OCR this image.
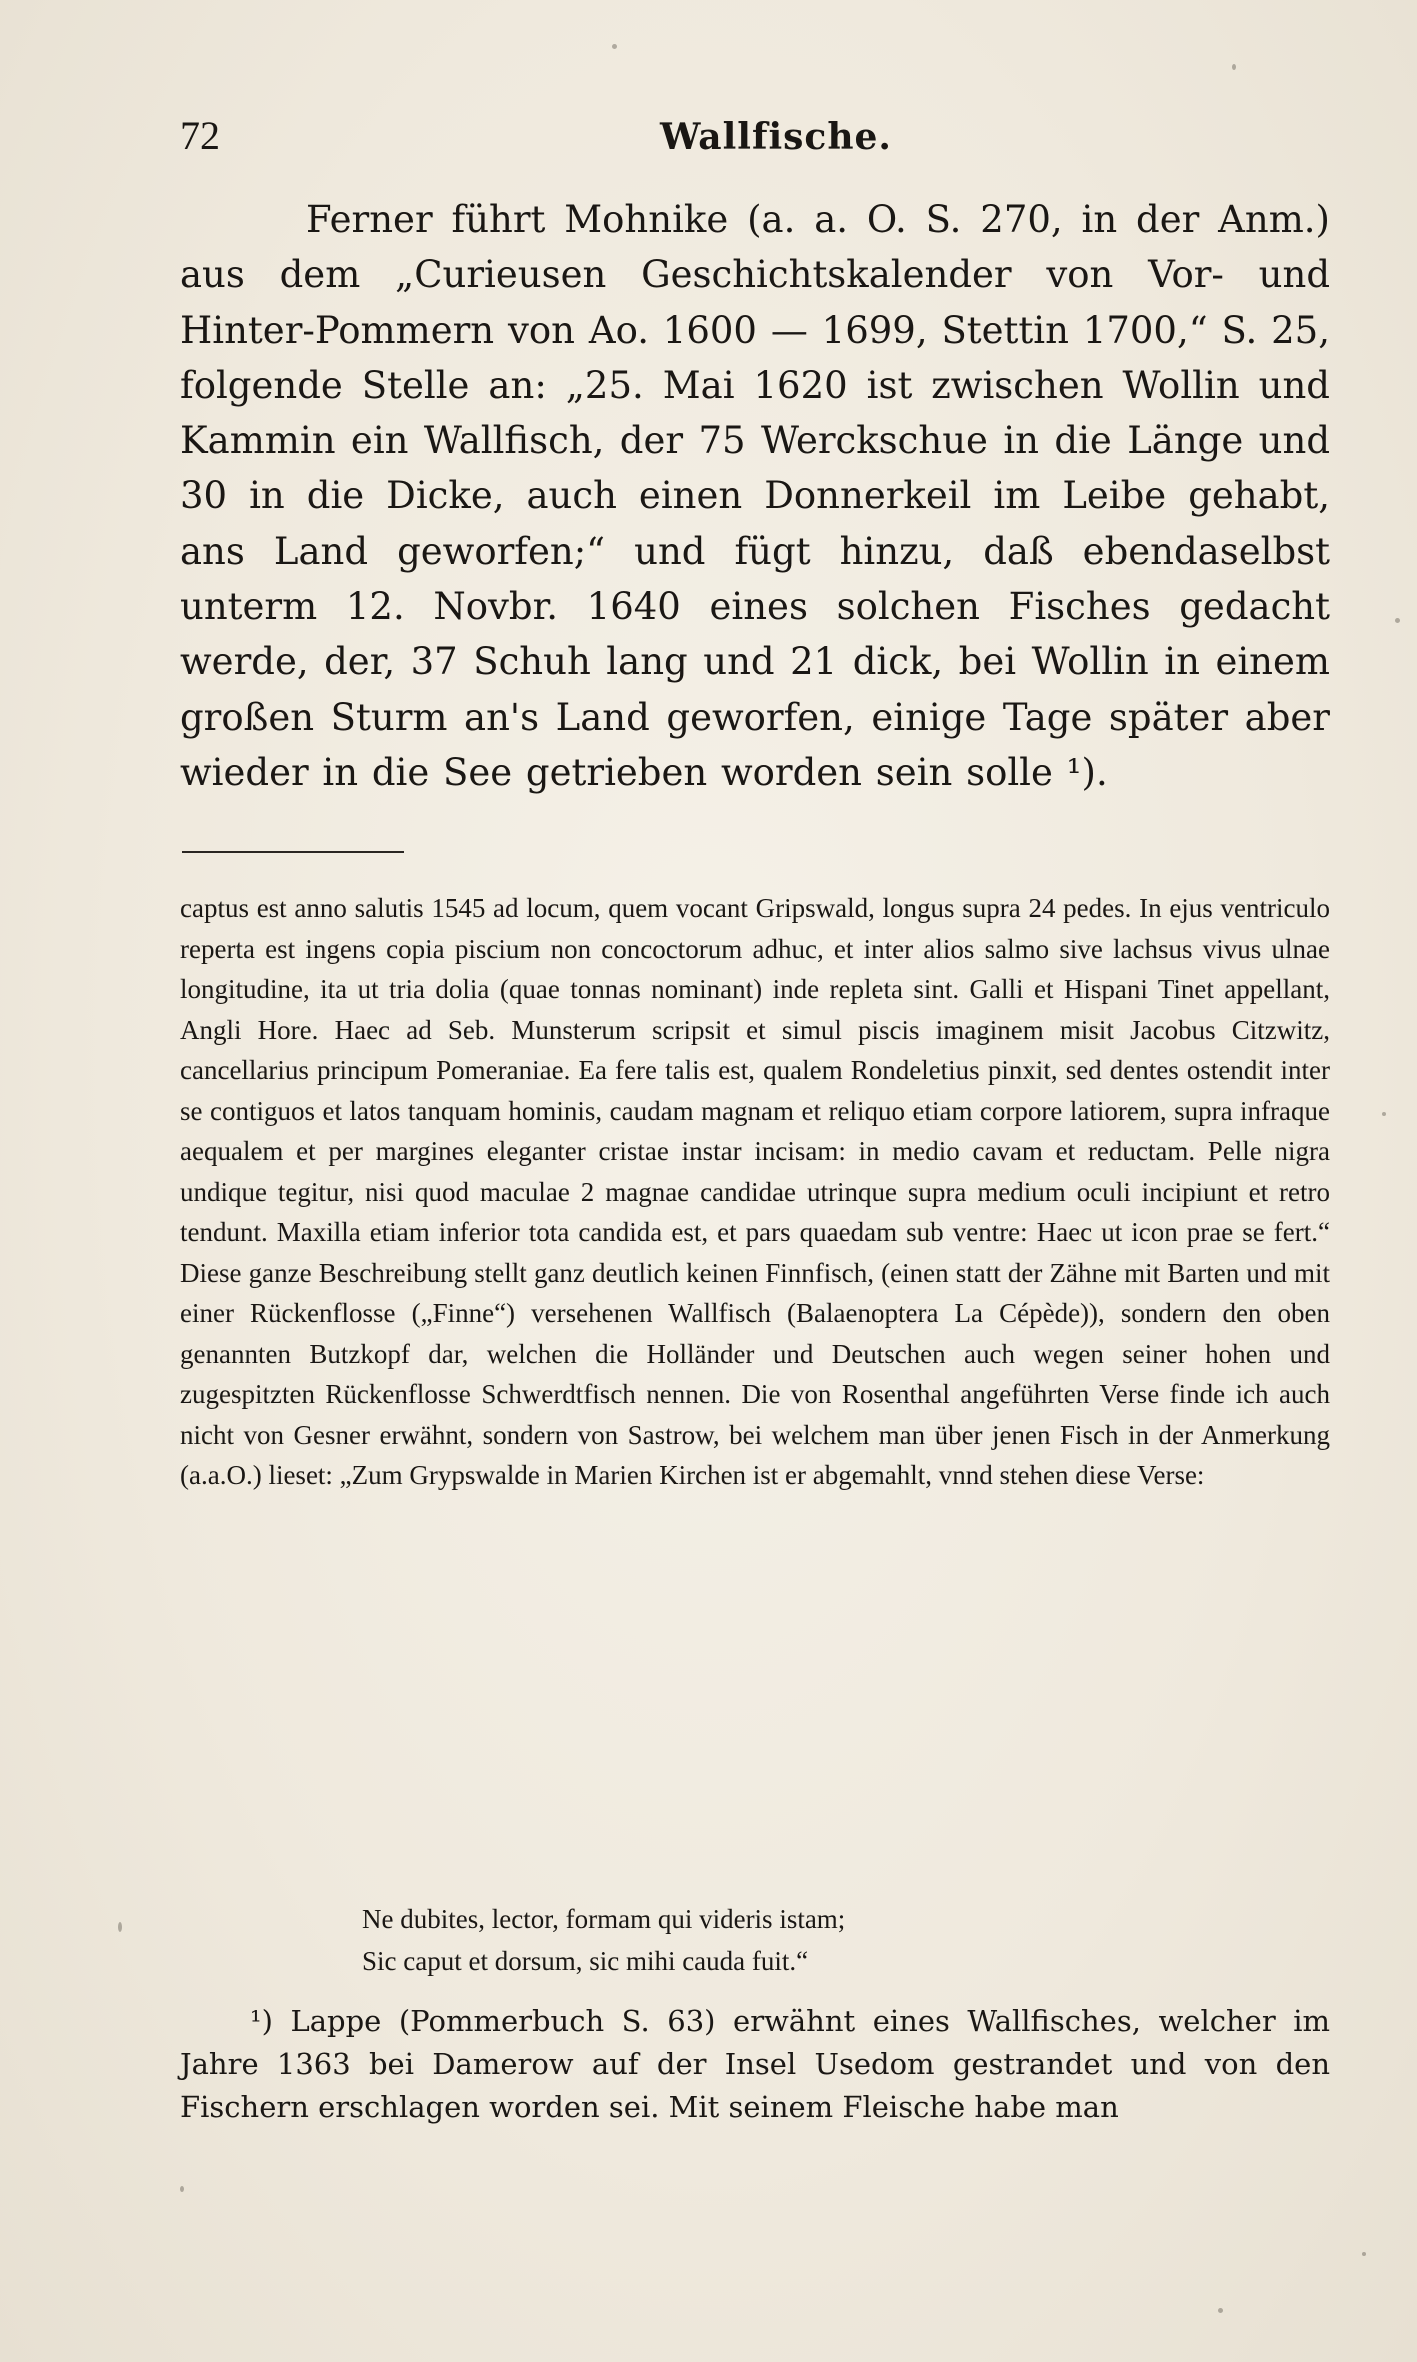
72	Wallfische.
Ferner führt Mohnike (a. a. O. S. 270, in der Anm.) aus dem „Curieusen Geschichtskalender von Vor- und Hinter-Pommern von Ao. 1600 — 1699, Stettin 1700,“ S. 25, folgende Stelle an: „25. Mai 1620 ist zwischen Wollin und Kammin ein Wallfisch, der 75 Werckschue in die Länge und 30 in die Dicke, auch einen Donnerkeil im Leibe gehabt, ans Land geworfen;“ und fügt hinzu, daß ebendaselbst unterm 12. Novbr. 1640 eines solchen Fisches gedacht werde, der, 37 Schuh lang und 21 dick, bei Wollin in einem großen Sturm an's Land geworfen, einige Tage später aber wieder in die See getrieben worden sein solle ¹).
captus est anno salutis 1545 ad locum, quem vocant Gripswald, longus supra 24 pedes. In ejus ventriculo reperta est ingens copia piscium non concoctorum adhuc, et inter alios salmo sive lachsus vivus ulnae longitudine, ita ut tria dolia (quae tonnas nominant) inde repleta sint. Galli et Hispani Tinet appellant, Angli Hore. Haec ad Seb. Munsterum scripsit et simul piscis imaginem misit Jacobus Citzwitz, cancellarius principum Pomeraniae. Ea fere talis est, qualem Rondeletius pinxit, sed dentes ostendit inter se contiguos et latos tanquam hominis, caudam magnam et reliquo etiam corpore latiorem, supra infraque aequalem et per margines eleganter cristae instar incisam: in medio cavam et reductam. Pelle nigra undique tegitur, nisi quod maculae 2 magnae candidae utrinque supra medium oculi incipiunt et retro tendunt. Maxilla etiam inferior tota candida est, et pars quaedam sub ventre: Haec ut icon prae se fert.“ Diese ganze Beschreibung stellt ganz deutlich keinen Finnfisch, (einen statt der Zähne mit Barten und mit einer Rückenflosse („Finne“) versehenen Wallfisch (Balaenoptera La Cépède)), sondern den oben genannten Butzkopf dar, welchen die Holländer und Deutschen auch wegen seiner hohen und zugespitzten Rückenflosse Schwerdtfisch nennen. Die von Rosenthal angeführten Verse finde ich auch nicht von Gesner erwähnt, sondern von Sastrow, bei welchem man über jenen Fisch in der Anmerkung (a.a.O.) lieset: „Zum Grypswalde in Marien Kirchen ist er abgemahlt, vnnd stehen diese Verse:
Ne dubites, lector, formam qui videris istam;
Sic caput et dorsum, sic mihi cauda fuit.“
¹) Lappe (Pommerbuch S. 63) erwähnt eines Wallfisches, welcher im Jahre 1363 bei Damerow auf der Insel Usedom gestrandet und von den Fischern erschlagen worden sei. Mit seinem Fleische habe man
